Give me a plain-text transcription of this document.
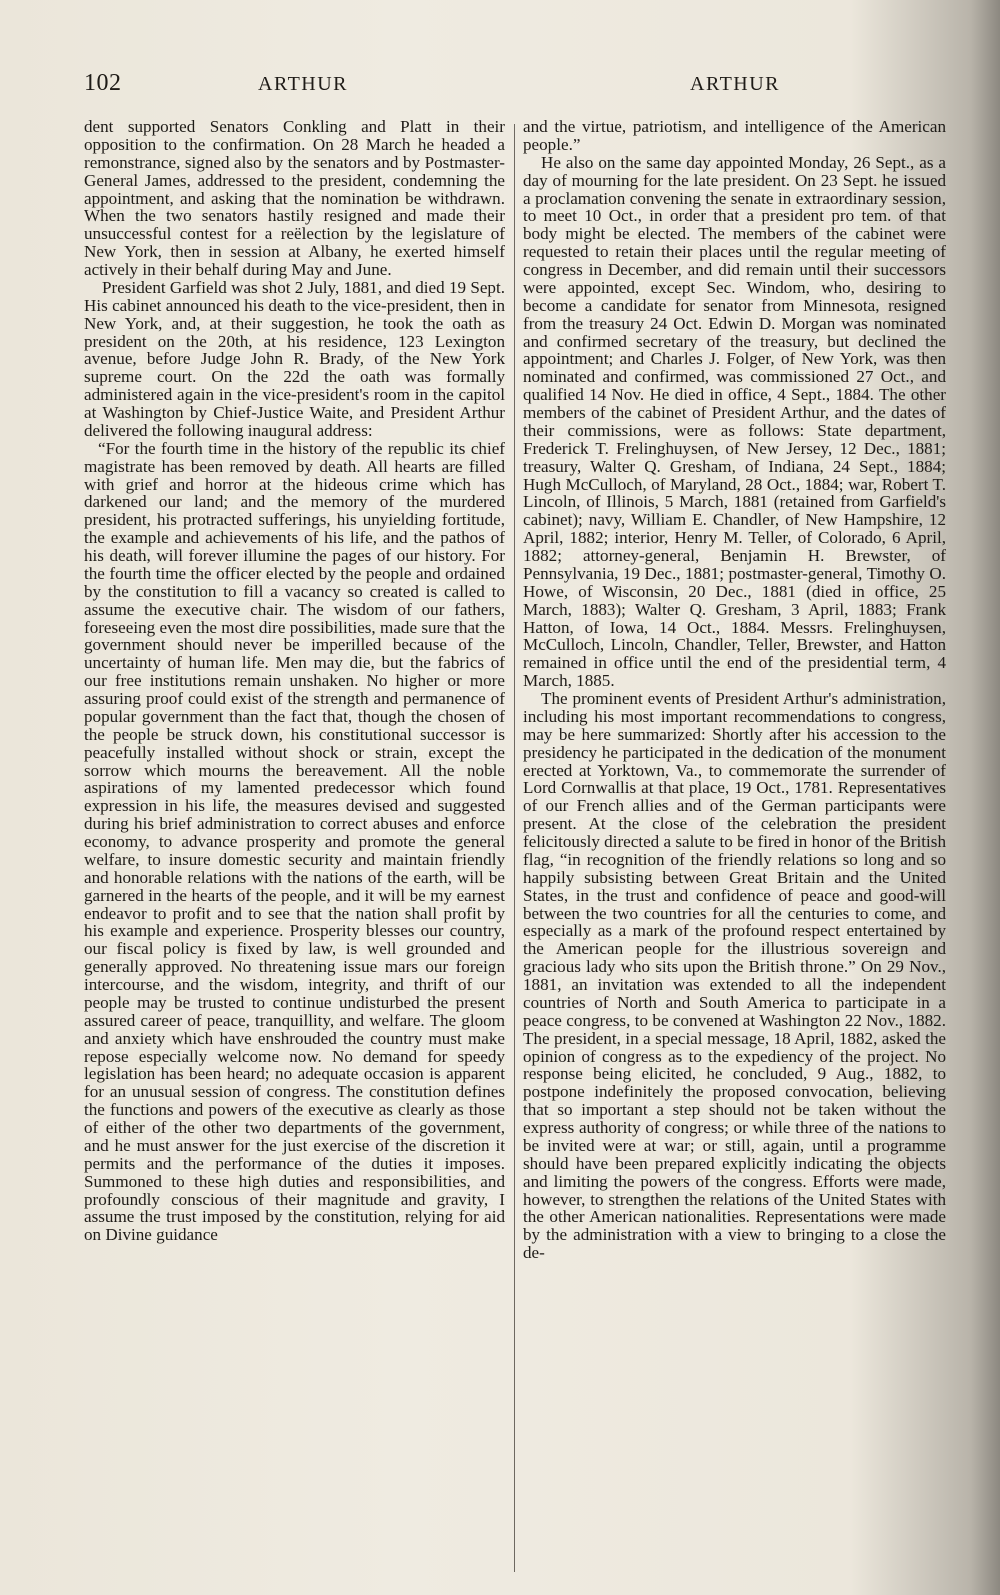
102	ARTHUR	ARTHUR

dent supported Senators Conkling and Platt in their opposition to the confirmation. On 28 March he headed a remonstrance, signed also by the senators and by Postmaster-General James, addressed to the president, condemning the appointment, and asking that the nomination be withdrawn. When the two senators hastily resigned and made their unsuccessful contest for a reëlection by the legislature of New York, then in session at Albany, he exerted himself actively in their behalf during May and June.

President Garfield was shot 2 July, 1881, and died 19 Sept. His cabinet announced his death to the vice-president, then in New York, and, at their suggestion, he took the oath as president on the 20th, at his residence, 123 Lexington avenue, before Judge John R. Brady, of the New York supreme court. On the 22d the oath was formally administered again in the vice-president's room in the capitol at Washington by Chief-Justice Waite, and President Arthur delivered the following inaugural address:

“For the fourth time in the history of the republic its chief magistrate has been removed by death. All hearts are filled with grief and horror at the hideous crime which has darkened our land; and the memory of the murdered president, his protracted sufferings, his unyielding fortitude, the example and achievements of his life, and the pathos of his death, will forever illumine the pages of our history. For the fourth time the officer elected by the people and ordained by the constitution to fill a vacancy so created is called to assume the executive chair. The wisdom of our fathers, foreseeing even the most dire possibilities, made sure that the government should never be imperilled because of the uncertainty of human life. Men may die, but the fabrics of our free institutions remain unshaken. No higher or more assuring proof could exist of the strength and permanence of popular government than the fact that, though the chosen of the people be struck down, his constitutional successor is peacefully installed without shock or strain, except the sorrow which mourns the bereavement. All the noble aspirations of my lamented predecessor which found expression in his life, the measures devised and suggested during his brief administration to correct abuses and enforce economy, to advance prosperity and promote the general welfare, to insure domestic security and maintain friendly and honorable relations with the nations of the earth, will be garnered in the hearts of the people, and it will be my earnest endeavor to profit and to see that the nation shall profit by his example and experience. Prosperity blesses our country, our fiscal policy is fixed by law, is well grounded and generally approved. No threatening issue mars our foreign intercourse, and the wisdom, integrity, and thrift of our people may be trusted to continue undisturbed the present assured career of peace, tranquillity, and welfare. The gloom and anxiety which have enshrouded the country must make repose especially welcome now. No demand for speedy legislation has been heard; no adequate occasion is apparent for an unusual session of congress. The constitution defines the functions and powers of the executive as clearly as those of either of the other two departments of the government, and he must answer for the just exercise of the discretion it permits and the performance of the duties it imposes. Summoned to these high duties and responsibilities, and profoundly conscious of their magnitude and gravity, I assume the trust imposed by the constitution, relying for aid on Divine guidance

and the virtue, patriotism, and intelligence of the American people.”

He also on the same day appointed Monday, 26 Sept., as a day of mourning for the late president. On 23 Sept. he issued a proclamation convening the senate in extraordinary session, to meet 10 Oct., in order that a president pro tem. of that body might be elected. The members of the cabinet were requested to retain their places until the regular meeting of congress in December, and did remain until their successors were appointed, except Sec. Windom, who, desiring to become a candidate for senator from Minnesota, resigned from the treasury 24 Oct. Edwin D. Morgan was nominated and confirmed secretary of the treasury, but declined the appointment; and Charles J. Folger, of New York, was then nominated and confirmed, was commissioned 27 Oct., and qualified 14 Nov. He died in office, 4 Sept., 1884. The other members of the cabinet of President Arthur, and the dates of their commissions, were as follows: State department, Frederick T. Frelinghuysen, of New Jersey, 12 Dec., 1881; treasury, Walter Q. Gresham, of Indiana, 24 Sept., 1884; Hugh McCulloch, of Maryland, 28 Oct., 1884; war, Robert T. Lincoln, of Illinois, 5 March, 1881 (retained from Garfield's cabinet); navy, William E. Chandler, of New Hampshire, 12 April, 1882; interior, Henry M. Teller, of Colorado, 6 April, 1882; attorney-general, Benjamin H. Brewster, of Pennsylvania, 19 Dec., 1881; postmaster-general, Timothy O. Howe, of Wisconsin, 20 Dec., 1881 (died in office, 25 March, 1883); Walter Q. Gresham, 3 April, 1883; Frank Hatton, of Iowa, 14 Oct., 1884. Messrs. Frelinghuysen, McCulloch, Lincoln, Chandler, Teller, Brewster, and Hatton remained in office until the end of the presidential term, 4 March, 1885.

The prominent events of President Arthur's administration, including his most important recommendations to congress, may be here summarized: Shortly after his accession to the presidency he participated in the dedication of the monument erected at Yorktown, Va., to commemorate the surrender of Lord Cornwallis at that place, 19 Oct., 1781. Representatives of our French allies and of the German participants were present. At the close of the celebration the president felicitously directed a salute to be fired in honor of the British flag, “in recognition of the friendly relations so long and so happily subsisting between Great Britain and the United States, in the trust and confidence of peace and good-will between the two countries for all the centuries to come, and especially as a mark of the profound respect entertained by the American people for the illustrious sovereign and gracious lady who sits upon the British throne.” On 29 Nov., 1881, an invitation was extended to all the independent countries of North and South America to participate in a peace congress, to be convened at Washington 22 Nov., 1882. The president, in a special message, 18 April, 1882, asked the opinion of congress as to the expediency of the project. No response being elicited, he concluded, 9 Aug., 1882, to postpone indefinitely the proposed convocation, believing that so important a step should not be taken without the express authority of congress; or while three of the nations to be invited were at war; or still, again, until a programme should have been prepared explicitly indicating the objects and limiting the powers of the congress. Efforts were made, however, to strengthen the relations of the United States with the other American nationalities. Representations were made by the administration with a view to bringing to a close the de-
